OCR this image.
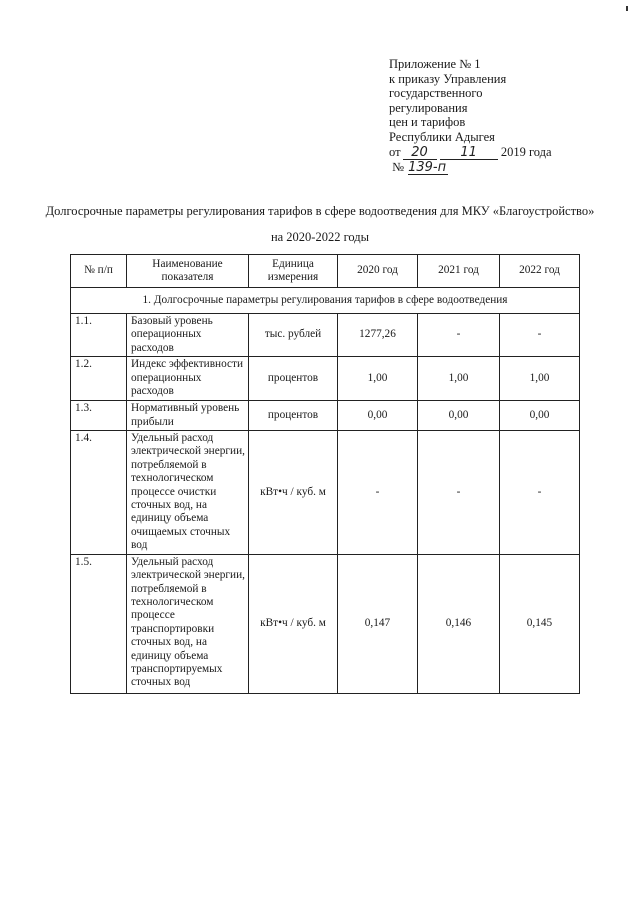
Приложение № 1
к приказу Управления
государственного
регулирования
цен и тарифов
Республики Адыгея
от 20	11 2019 года
№ 139-п
Долгосрочные параметры регулирования тарифов в сфере водоотведения для МКУ «Благоустройство»
на 2020-2022 годы
№ п/п	Наименование показателя	Единица измерения	2020 год	2021 год	2022 год
1. Долгосрочные параметры регулирования тарифов в сфере водоотведения					
1.1.	Базовый уровень операционных расходов	тыс. рублей	1277,26	-	-
1.2.	Индекс эффективности операционных расходов	процентов	1,00	1,00	1,00
1.3.	Нормативный уровень прибыли	процентов	0,00	0,00	0,00
1.4.	Удельный расход электрической энергии, потребляемой в технологическом процессе очистки сточных вод, на единицу объема очищаемых сточных вод	кВт•ч / куб. м	-	-	-
1.5.	Удельный расход электрической энергии, потребляемой в технологическом процессе транспортировки сточных вод, на единицу объема транспортируемых сточных вод	кВт•ч / куб. м	0,147	0,146	0,145
